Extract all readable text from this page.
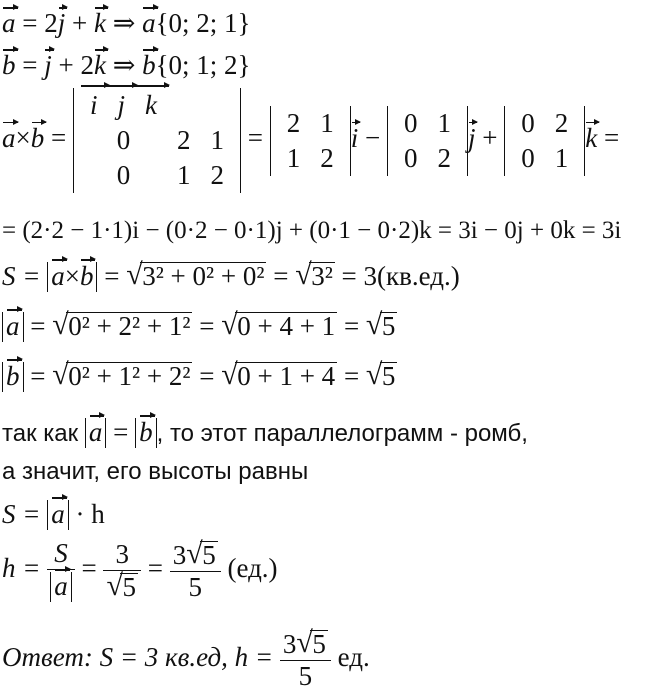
a = 2j + k ⇒ a{0; 2; 1}
b = j + 2k ⇒ b{0; 1; 2}
a×b =
i j k
0	2	1
0	1	2
=
2	1
1	2
i −
0	1
0	2
j +
0	2
0	1
k =
= (2·2 − 1·1)i − (0·2 − 0·1)j + (0·1 − 0·2)k = 3i − 0j + 0k = 3i
S = a×b = √ 3² + 0² + 0² = √ 3² = 3(кв.ед.)
a = √ 0² + 2² + 1² = √ 0 + 4 + 1 = √ 5
b = √ 0² + 1² + 2² = √ 0 + 1 + 4 = √ 5
так как a = b , то этот параллелограмм - ромб,
а значит, его высоты равны
S = a · h
$h = \frac{S}{a} = \frac{3}{√ 5} = \frac{3 √ 5}{5} (ед.)$
Ответ: S = 3 кв.ед, $h = \frac{3 √ 5}{5}$ ед.
